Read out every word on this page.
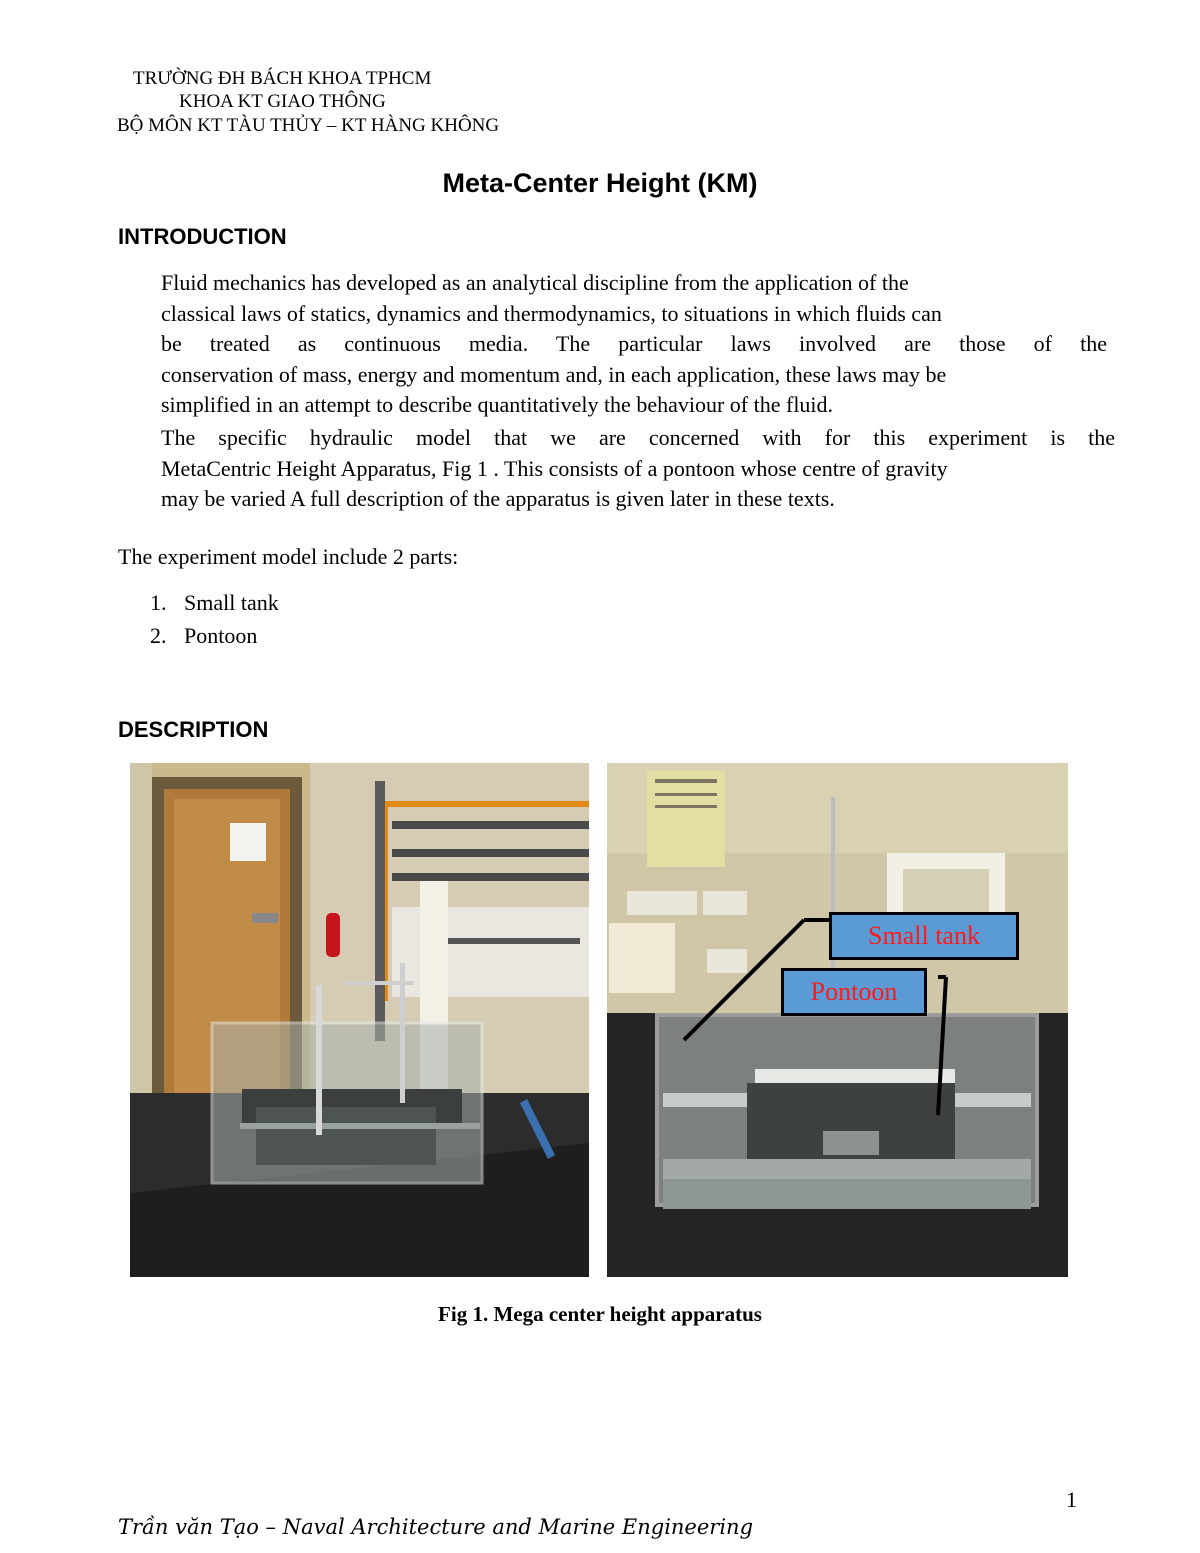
TRƯỜNG ĐH BÁCH KHOA TPHCM
KHOA KT GIAO THÔNG
BỘ MÔN KT TÀU THỦY – KT HÀNG KHÔNG
Meta-Center Height (KM)
INTRODUCTION
Fluid mechanics has developed as an analytical discipline from the application of the
classical laws of statics, dynamics and thermodynamics, to situations in which fluids can
be treated as continuous media. The particular laws involved are those of the
conservation of mass, energy and momentum and, in each application, these laws may be
simplified in an attempt to describe quantitatively the behaviour of the fluid.
The specific hydraulic model that we are concerned with for this experiment is the
MetaCentric Height Apparatus, Fig 1 . This consists of a pontoon whose centre of gravity
may be varied A full description of the apparatus is given later in these texts.
The experiment model include 2 parts:
1. Small tank
2. Pontoon
DESCRIPTION
Small tank
Pontoon
Fig 1. Mega center height apparatus
1
Trần văn Tạo – Naval Architecture and Marine Engineering
